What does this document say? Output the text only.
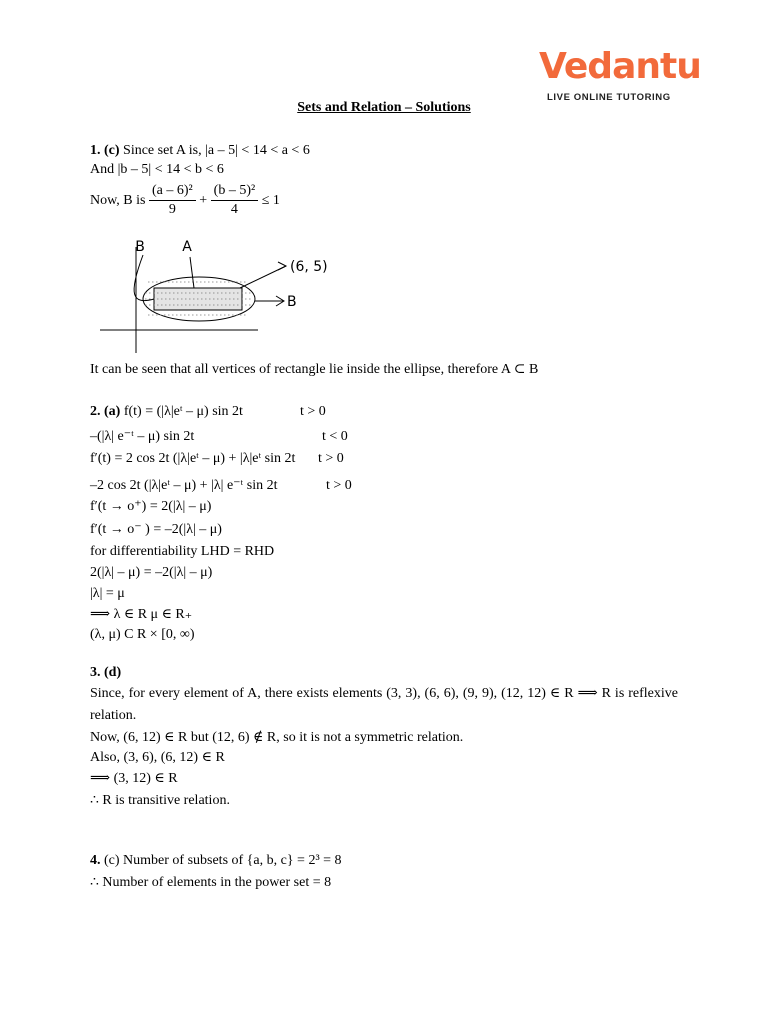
Vedantu
LIVE ONLINE TUTORING
Sets and Relation – Solutions
1. (c) Since set A is, |a – 5| < 14 < a < 6
And |b – 5| < 14 < b < 6
Now, B is $\frac{\text{(a – 6)²}}{9} + \frac{\text{(b – 5)²}}{4} \le 1$
B	A
(6, 5)
B
It can be seen that all vertices of rectangle lie inside the ellipse, therefore A ⊂ B
2. (a) f(t) = (|λ|eᵗ – μ) sin 2t	t > 0
–(|λ| e⁻ᵗ – μ) sin 2t	t < 0
f′(t) = 2 cos 2t (|λ|eᵗ – μ) + |λ|eᵗ sin 2t t > 0
–2 cos 2t (|λ|eᵗ – μ) + |λ| e⁻ᵗ sin 2t	t > 0
f′(t → o⁺) = 2(|λ| – μ)
f′(t → o⁻ ) = –2(|λ| – μ)
for differentiability LHD = RHD
2(|λ| – μ) = –2(|λ| – μ)
|λ| = μ
⟹ λ ∈ R μ ∈ R₊
(λ, μ) C R × [0, ∞)
3. (d)
Since, for every element of A, there exists elements (3, 3), (6, 6), (9, 9), (12, 12) ∈ R ⟹ R is reflexive relation.
Now, (6, 12) ∈ R but (12, 6) ∉ R, so it is not a symmetric relation.
Also, (3, 6), (6, 12) ∈ R
⟹ (3, 12) ∈ R
∴ R is transitive relation.
4. (c) Number of subsets of {a, b, c} = 2³ = 8
∴ Number of elements in the power set = 8
